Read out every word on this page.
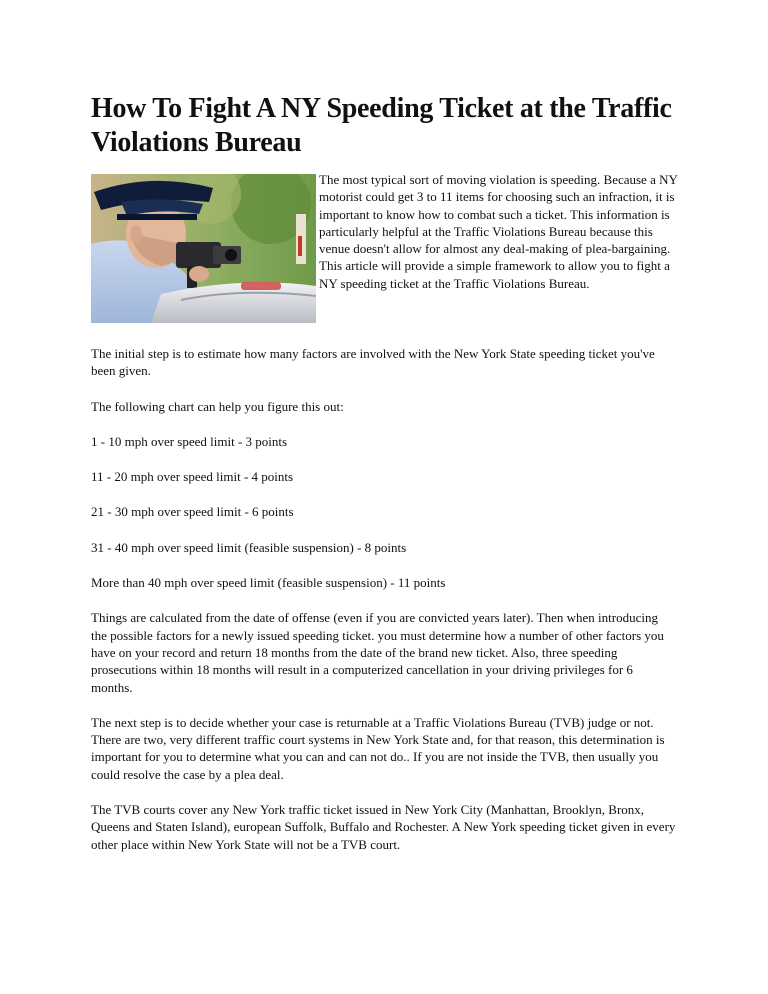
How To Fight A NY Speeding Ticket at the Traffic Violations Bureau
The most typical sort of moving violation is speeding. Because a NY motorist could get 3 to 11 items for choosing such an infraction, it is important to know how to combat such a ticket. This information is particularly helpful at the Traffic Violations Bureau because this venue doesn't allow for almost any deal-making of plea-bargaining. This article will provide a simple framework to allow you to fight a NY speeding ticket at the Traffic Violations Bureau.

The initial step is to estimate how many factors are involved with the New York State speeding ticket you've been given.

The following chart can help you figure this out:

1 - 10 mph over speed limit - 3 points

11 - 20 mph over speed limit - 4 points

21 - 30 mph over speed limit - 6 points

31 - 40 mph over speed limit (feasible suspension) - 8 points

More than 40 mph over speed limit (feasible suspension) - 11 points

Things are calculated from the date of offense (even if you are convicted years later). Then when introducing the possible factors for a newly issued speeding ticket. you must determine how a number of other factors you have on your record and return 18 months from the date of the brand new ticket. Also, three speeding prosecutions within 18 months will result in a computerized cancellation in your driving privileges for 6 months.

The next step is to decide whether your case is returnable at a Traffic Violations Bureau (TVB) judge or not. There are two, very different traffic court systems in New York State and, for that reason, this determination is important for you to determine what you can and can not do.. If you are not inside the TVB, then usually you could resolve the case by a plea deal.

The TVB courts cover any New York traffic ticket issued in New York City (Manhattan, Brooklyn, Bronx, Queens and Staten Island), european Suffolk, Buffalo and Rochester. A New York speeding ticket given in every other place within New York State will not be a TVB court.
